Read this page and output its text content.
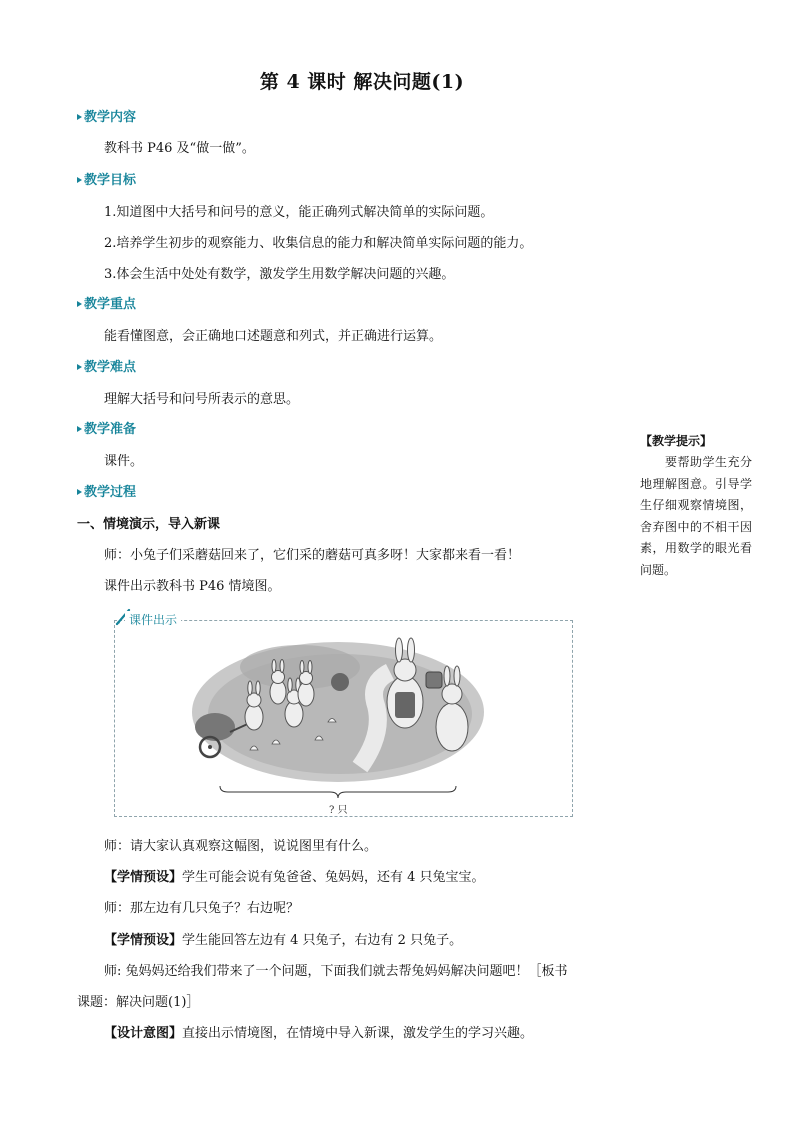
第 4 课时 解决问题(1)
教学内容
教科书 P46 及“做一做”。
教学目标
1.知道图中大括号和问号的意义，能正确列式解决简单的实际问题。
2.培养学生初步的观察能力、收集信息的能力和解决简单实际问题的能力。
3.体会生活中处处有数学，激发学生用数学解决问题的兴趣。
教学重点
能看懂图意，会正确地口述题意和列式，并正确进行运算。
教学难点
理解大括号和问号所表示的意思。
教学准备
课件。
教学过程
一、情境演示，导入新课
师：小兔子们采蘑菇回来了，它们采的蘑菇可真多呀！大家都来看一看！
课件出示教科书 P46 情境图。
课件出示
? 只
师：请大家认真观察这幅图，说说图里有什么。
【学情预设】学生可能会说有兔爸爸、兔妈妈，还有 4 只兔宝宝。
师：那左边有几只兔子？右边呢？
【学情预设】学生能回答左边有 4 只兔子，右边有 2 只兔子。
师: 兔妈妈还给我们带来了一个问题，下面我们就去帮兔妈妈解决问题吧！［板书
课题：解决问题(1)］
【设计意图】直接出示情境图，在情境中导入新课，激发学生的学习兴趣。
【教学提示】
　　要帮助学生充分地理解图意。引导学生仔细观察情境图，舍弃图中的不相干因素，用数学的眼光看问题。
